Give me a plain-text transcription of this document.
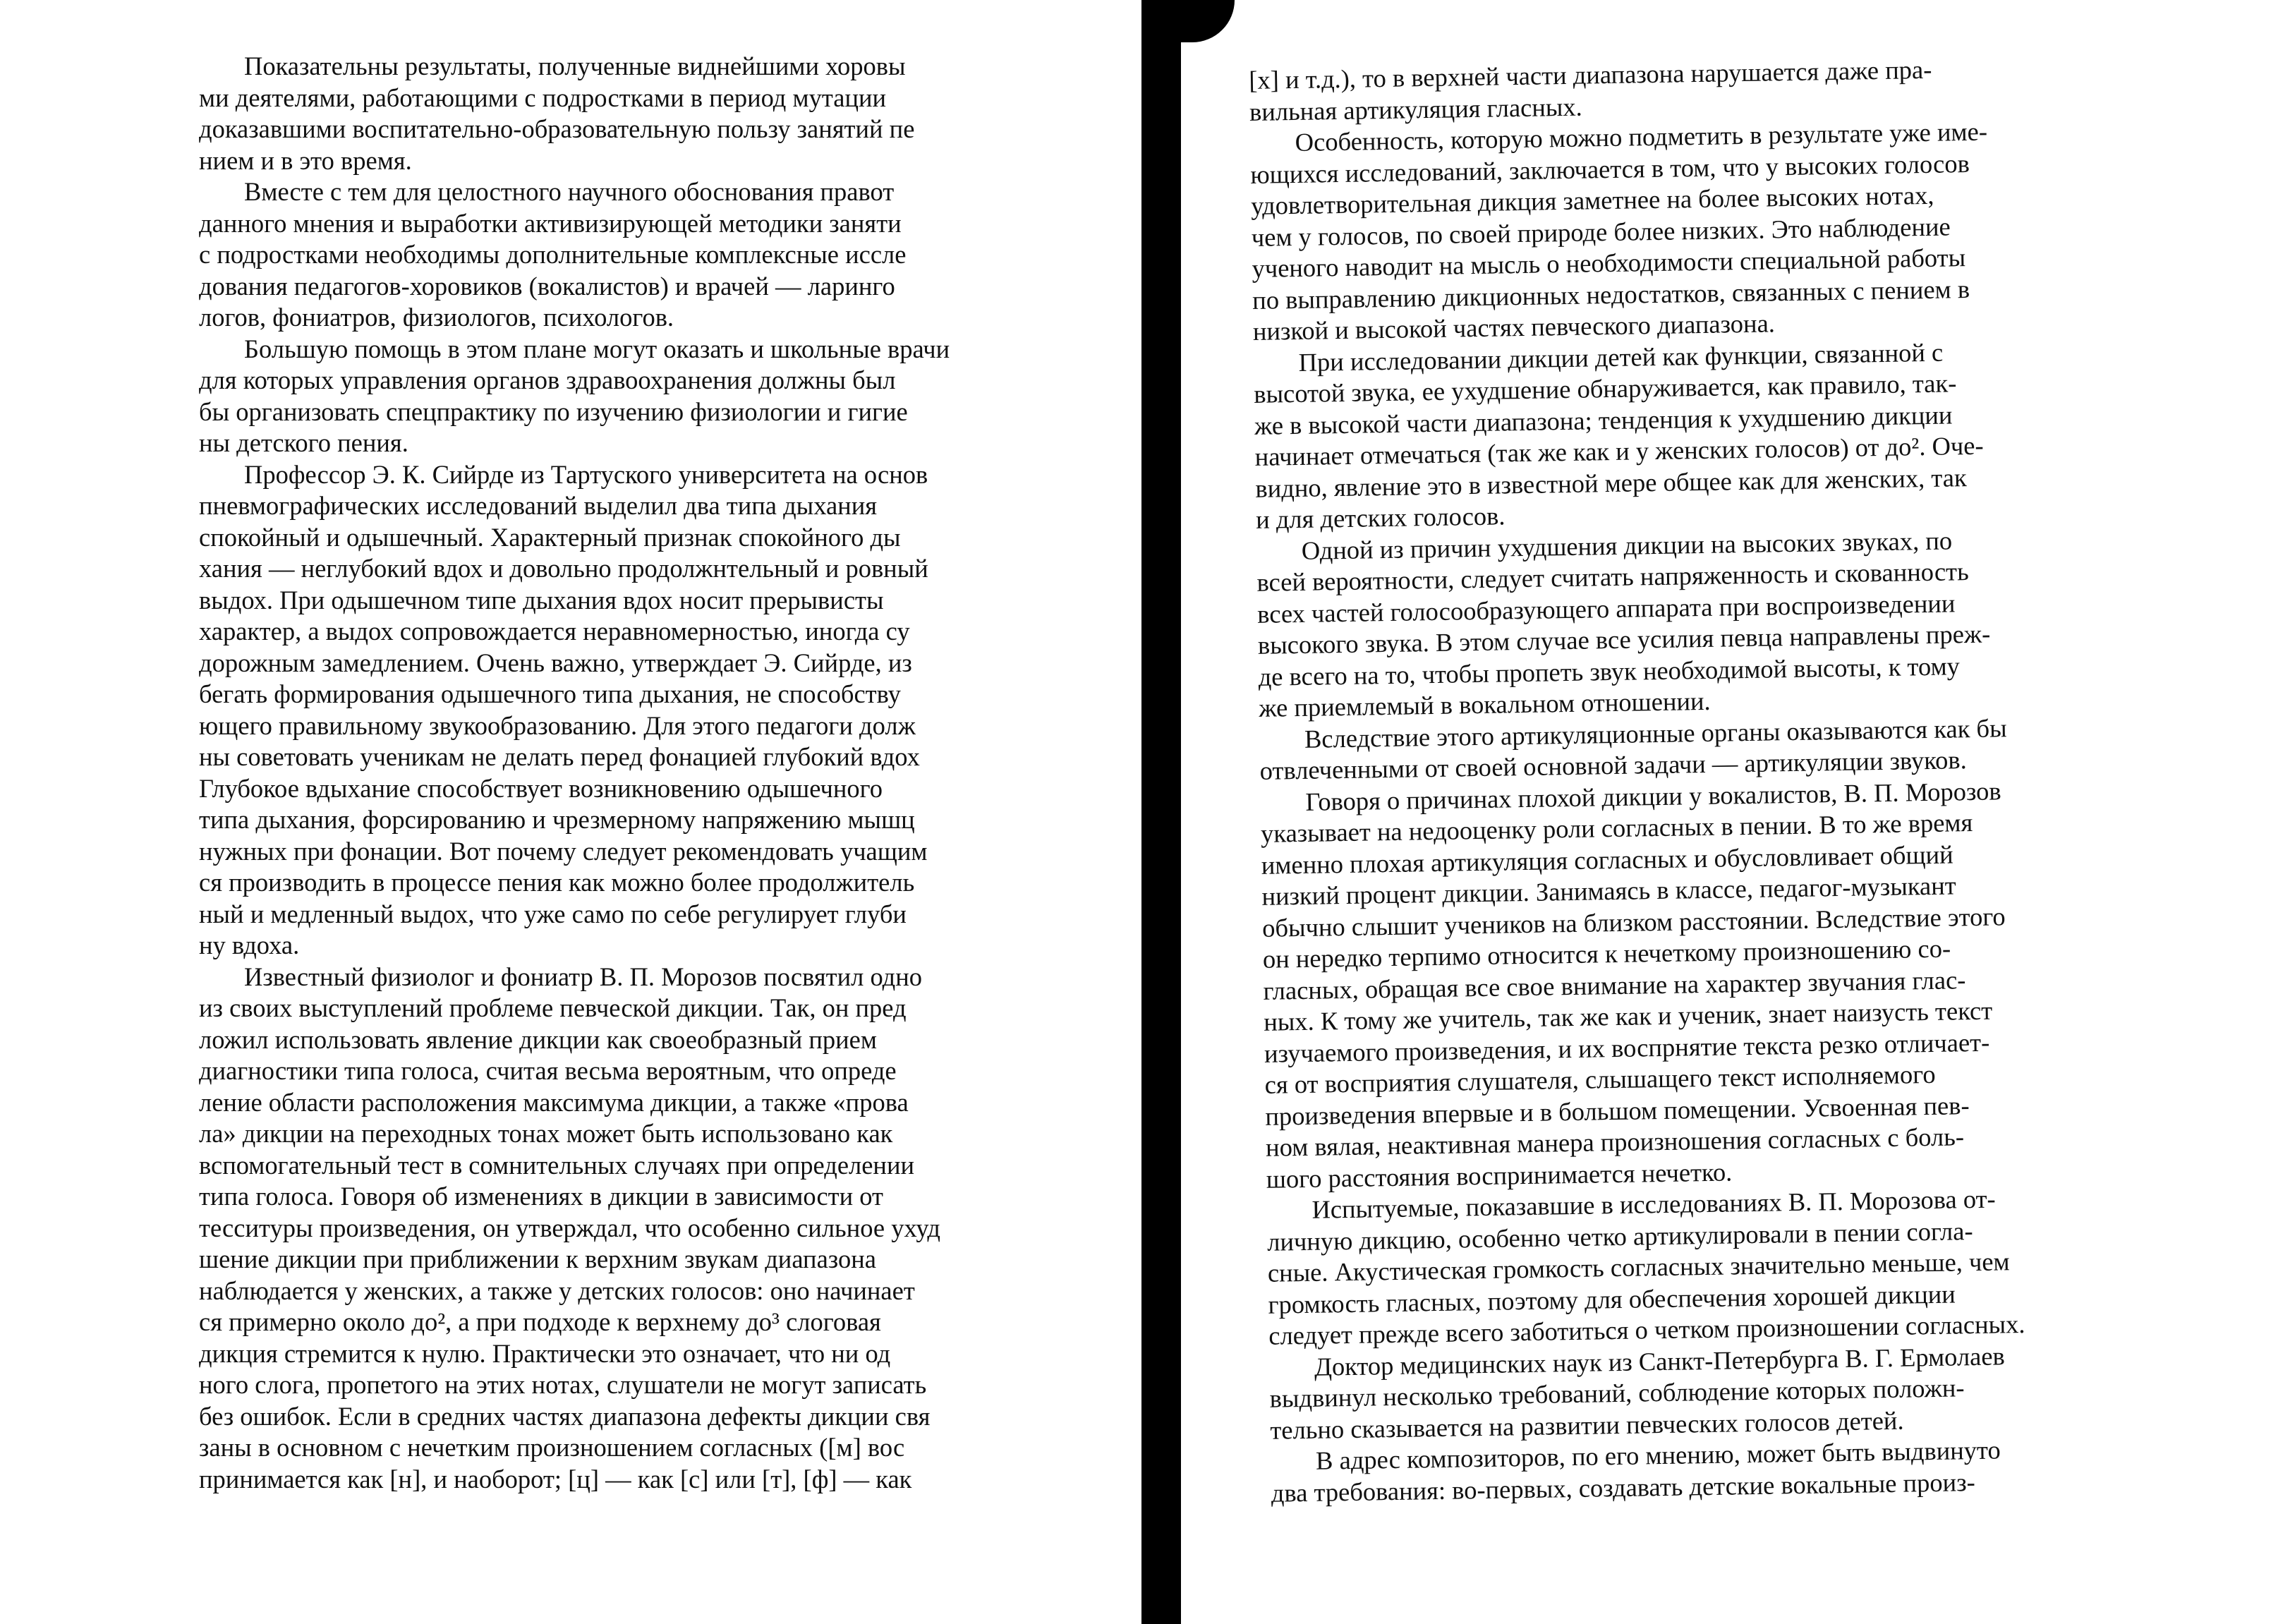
Показательны результаты, полученные виднейшими хоровы
ми деятелями, работающими с подростками в период мутации
доказавшими воспитательно-образовательную пользу занятий пе
нием и в это время.
Вместе с тем для целостного научного обоснования правот
данного мнения и выработки активизирующей методики заняти
с подростками необходимы дополнительные комплексные иссле
дования педагогов-хоровиков (вокалистов) и врачей — ларинго
логов, фониатров, физиологов, психологов.
Большую помощь в этом плане могут оказать и школьные врачи
для которых управления органов здравоохранения должны был
бы организовать спецпрактику по изучению физиологии и гигие
ны детского пения.
Профессор Э. К. Сийрде из Тартуского университета на основ
пневмографических исследований выделил два типа дыхания
спокойный и одышечный. Характерный признак спокойного ды
хания — неглубокий вдох и довольно продолжнтельный и ровный
выдох. При одышечном типе дыхания вдох носит прерывисты
характер, а выдох сопровождается неравномерностью, иногда су
дорожным замедлением. Очень важно, утверждает Э. Сийрде, из
бегать формирования одышечного типа дыхания, не способству
ющего правильному звукообразованию. Для этого педагоги долж
ны советовать ученикам не делать перед фонацией глубокий вдох
Глубокое вдыхание способствует возникновению одышечного
типа дыхания, форсированию и чрезмерному напряжению мышц
нужных при фонации. Вот почему следует рекомендовать учащим
ся производить в процессе пения как можно более продолжитель
ный и медленный выдох, что уже само по себе регулирует глуби
ну вдоха.
Известный физиолог и фониатр В. П. Морозов посвятил одно
из своих выступлений проблеме певческой дикции. Так, он пред
ложил использовать явление дикции как своеобразный прием
диагностики типа голоса, считая весьма вероятным, что опреде
ление области расположения максимума дикции, а также «прова
ла» дикции на переходных тонах может быть использовано как
вспомогательный тест в сомнительных случаях при определении
типа голоса. Говоря об изменениях в дикции в зависимости от
тесситуры произведения, он утверждал, что особенно сильное ухуд
шение дикции при приближении к верхним звукам диапазона
наблюдается у женских, а также у детских голосов: оно начинает
ся примерно около до², а при подходе к верхнему до³ слоговая
дикция стремится к нулю. Практически это означает, что ни од
ного слога, пропетого на этих нотах, слушатели не могут записать
без ошибок. Если в средних частях диапазона дефекты дикции свя
заны в основном с нечетким произношением согласных ([м] вос
принимается как [н], и наоборот; [ц] — как [с] или [т], [ф] — как
[х] и т.д.), то в верхней части диапазона нарушается даже пра-
вильная артикуляция гласных.
Особенность, которую можно подметить в результате уже име-
ющихся исследований, заключается в том, что у высоких голосов
удовлетворительная дикция заметнее на более высоких нотах,
чем у голосов, по своей природе более низких. Это наблюдение
ученого наводит на мысль о необходимости специальной работы
по выправлению дикционных недостатков, связанных с пением в
низкой и высокой частях певческого диапазона.
При исследовании дикции детей как функции, связанной с
высотой звука, ее ухудшение обнаруживается, как правило, так-
же в высокой части диапазона; тенденция к ухудшению дикции
начинает отмечаться (так же как и у женских голосов) от до². Оче-
видно, явление это в известной мере общее как для женских, так
и для детских голосов.
Одной из причин ухудшения дикции на высоких звуках, по
всей вероятности, следует считать напряженность и скованность
всех частей голосообразующего аппарата при воспроизведении
высокого звука. В этом случае все усилия певца направлены преж-
де всего на то, чтобы пропеть звук необходимой высоты, к тому
же приемлемый в вокальном отношении.
Вследствие этого артикуляционные органы оказываются как бы
отвлеченными от своей основной задачи — артикуляции звуков.
Говоря о причинах плохой дикции у вокалистов, В. П. Морозов
указывает на недооценку роли согласных в пении. В то же время
именно плохая артикуляция согласных и обусловливает общий
низкий процент дикции. Занимаясь в классе, педагог-музыкант
обычно слышит учеников на близком расстоянии. Вследствие этого
он нередко терпимо относится к нечеткому произношению со-
гласных, обращая все свое внимание на характер звучания глас-
ных. К тому же учитель, так же как и ученик, знает наизусть текст
изучаемого произведения, и их воспрнятие текста резко отличает-
ся от восприятия слушателя, слышащего текст исполняемого
произведения впервые и в большом помещении. Усвоенная пев-
ном вялая, неактивная манера произношения согласных с боль-
шого расстояния воспринимается нечетко.
Испытуемые, показавшие в исследованиях В. П. Морозова от-
личную дикцию, особенно четко артикулировали в пении согла-
сные. Акустическая громкость согласных значительно меньше, чем
громкость гласных, поэтому для обеспечения хорошей дикции
следует прежде всего заботиться о четком произношении согласных.
Доктор медицинских наук из Санкт-Петербурга В. Г. Ермолаев
выдвинул несколько требований, соблюдение которых положн-
тельно сказывается на развитии певческих голосов детей.
В адрес композиторов, по его мнению, может быть выдвинуто
два требования: во-первых, создавать детские вокальные произ-
